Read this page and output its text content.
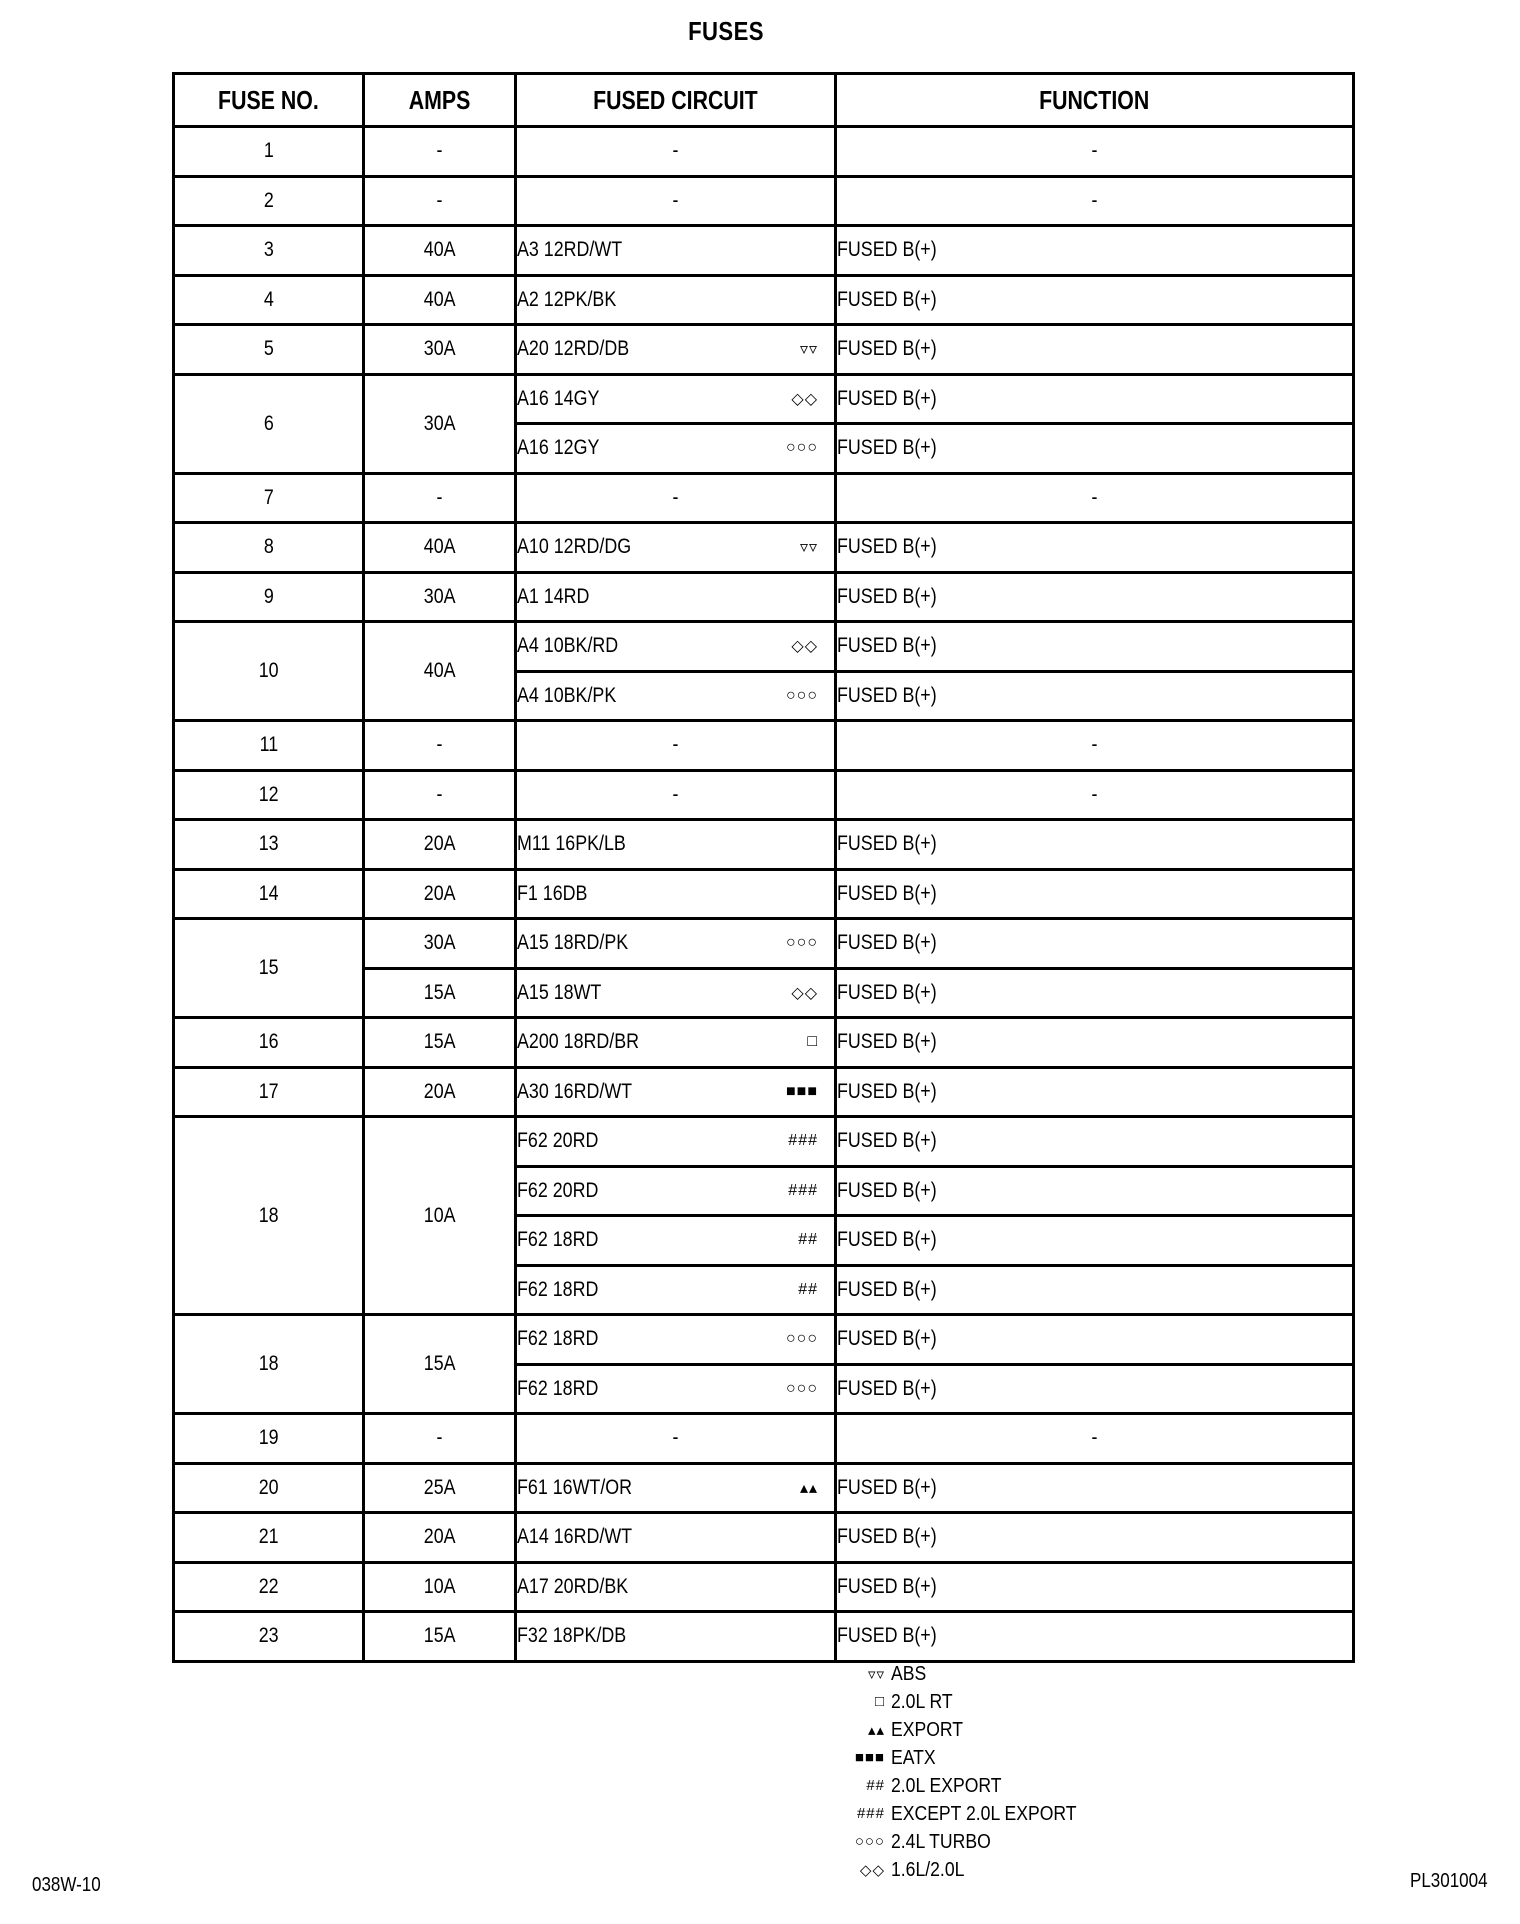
FUSES
FUSE NO.	AMPS	FUSED CIRCUIT	FUNCTION
1	-	-	-
2	-	-	-
3	40A	A3 12RD/WT	FUSED B(+)
4	40A	A2 12PK/BK	FUSED B(+)
5	30A	A20 12RD/DB ▿▿	FUSED B(+)
6	30A	A16 14GY ◇◇	FUSED B(+)
		A16 12GY ○○○	FUSED B(+)
7	-	-	-
8	40A	A10 12RD/DG ▿▿	FUSED B(+)
9	30A	A1 14RD	FUSED B(+)
10	40A	A4 10BK/RD ◇◇	FUSED B(+)
		A4 10BK/PK ○○○	FUSED B(+)
11	-	-	-
12	-	-	-
13	20A	M11 16PK/LB	FUSED B(+)
14	20A	F1 16DB	FUSED B(+)
15	30A	A15 18RD/PK ○○○	FUSED B(+)
	15A	A15 18WT ◇◇	FUSED B(+)
16	15A	A200 18RD/BR □	FUSED B(+)
17	20A	A30 16RD/WT ■■■	FUSED B(+)
18	10A	F62 20RD ###	FUSED B(+)
		F62 20RD ###	FUSED B(+)
		F62 18RD ##	FUSED B(+)
		F62 18RD ##	FUSED B(+)
18	15A	F62 18RD ○○○	FUSED B(+)
		F62 18RD ○○○	FUSED B(+)
19	-	-	-
20	25A	F61 16WT/OR ▴▴	FUSED B(+)
21	20A	A14 16RD/WT	FUSED B(+)
22	10A	A17 20RD/BK	FUSED B(+)
23	15A	F32 18PK/DB	FUSED B(+)
▿▿ ABS
□ 2.0L RT
▴▴ EXPORT
■■■ EATX
## 2.0L EXPORT
### EXCEPT 2.0L EXPORT
○○○ 2.4L TURBO
◇◇ 1.6L/2.0L
038W-10	PL301004
